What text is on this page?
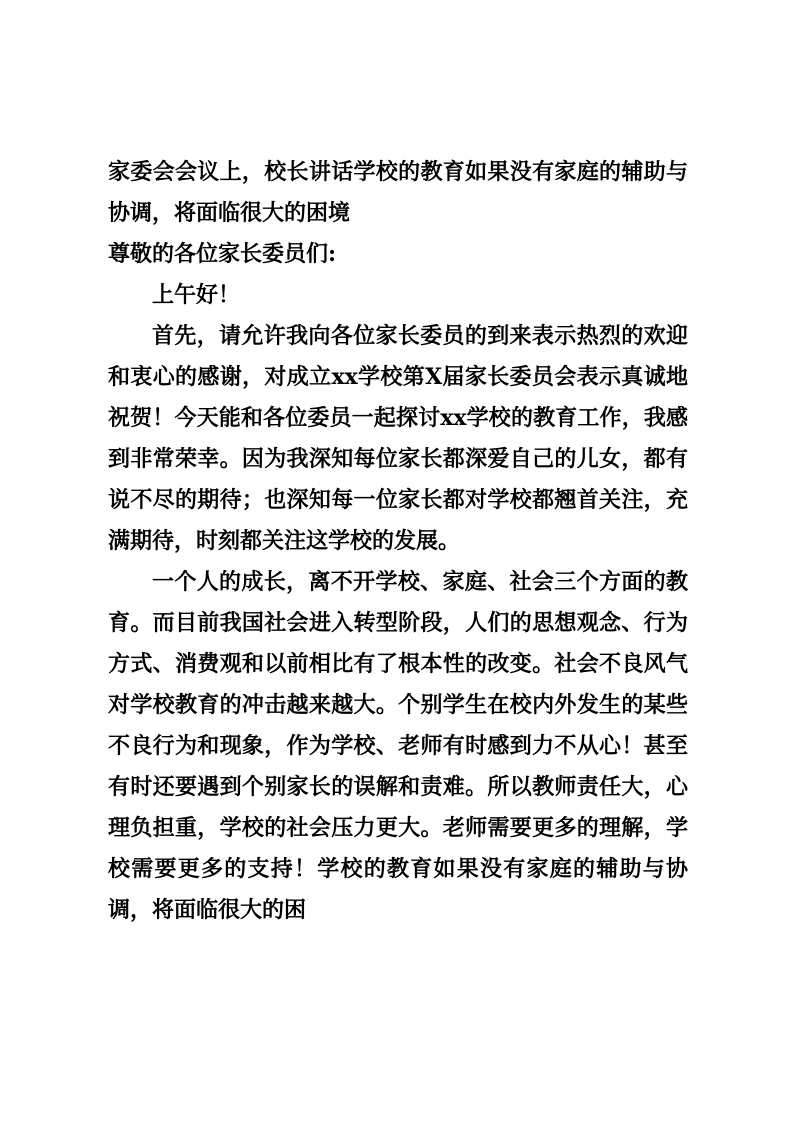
家委会会议上，校长讲话学校的教育如果没有家庭的辅助与协调，将面临很大的困境

尊敬的各位家长委员们:

上午好！

首先，请允许我向各位家长委员的到来表示热烈的欢迎和衷心的感谢，对成立xx学校第X届家长委员会表示真诚地祝贺！今天能和各位委员一起探讨xx学校的教育工作，我感到非常荣幸。因为我深知每位家长都深爱自己的儿女，都有说不尽的期待；也深知每一位家长都对学校都翘首关注，充满期待，时刻都关注这学校的发展。

一个人的成长，离不开学校、家庭、社会三个方面的教育。而目前我国社会进入转型阶段，人们的思想观念、行为方式、消费观和以前相比有了根本性的改变。社会不良风气对学校教育的冲击越来越大。个别学生在校内外发生的某些不良行为和现象，作为学校、老师有时感到力不从心！甚至有时还要遇到个别家长的误解和责难。所以教师责任大，心理负担重，学校的社会压力更大。老师需要更多的理解，学校需要更多的支持！学校的教育如果没有家庭的辅助与协调，将面临很大的困
